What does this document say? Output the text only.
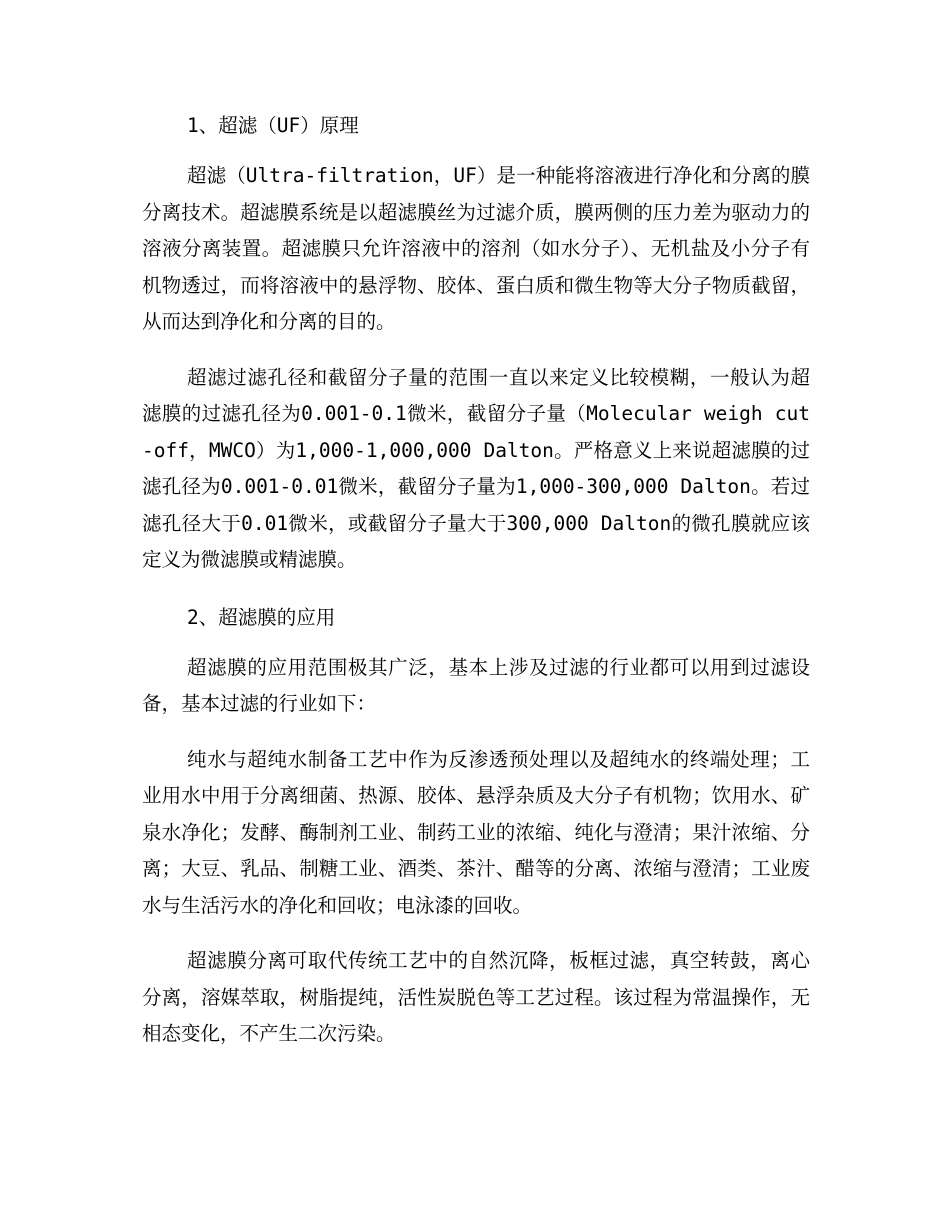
1、超滤（UF）原理

超滤（Ultra-filtration，UF）是一种能将溶液进行净化和分离的膜分离技术。超滤膜系统是以超滤膜丝为过滤介质，膜两侧的压力差为驱动力的溶液分离装置。超滤膜只允许溶液中的溶剂（如水分子）、无机盐及小分子有机物透过，而将溶液中的悬浮物、胶体、蛋白质和微生物等大分子物质截留，从而达到净化和分离的目的。

超滤过滤孔径和截留分子量的范围一直以来定义比较模糊，一般认为超滤膜的过滤孔径为0.001-0.1微米，截留分子量（Molecular weigh cut-off，MWCO）为1,000-1,000,000 Dalton。严格意义上来说超滤膜的过滤孔径为0.001-0.01微米，截留分子量为1,000-300,000 Dalton。若过滤孔径大于0.01微米，或截留分子量大于300,000 Dalton的微孔膜就应该定义为微滤膜或精滤膜。

2、超滤膜的应用

超滤膜的应用范围极其广泛，基本上涉及过滤的行业都可以用到过滤设备，基本过滤的行业如下：

纯水与超纯水制备工艺中作为反渗透预处理以及超纯水的终端处理；工业用水中用于分离细菌、热源、胶体、悬浮杂质及大分子有机物；饮用水、矿泉水净化；发酵、酶制剂工业、制药工业的浓缩、纯化与澄清；果汁浓缩、分离；大豆、乳品、制糖工业、酒类、茶汁、醋等的分离、浓缩与澄清；工业废水与生活污水的净化和回收；电泳漆的回收。

超滤膜分离可取代传统工艺中的自然沉降，板框过滤，真空转鼓，离心分离，溶媒萃取，树脂提纯，活性炭脱色等工艺过程。该过程为常温操作，无相态变化，不产生二次污染。
